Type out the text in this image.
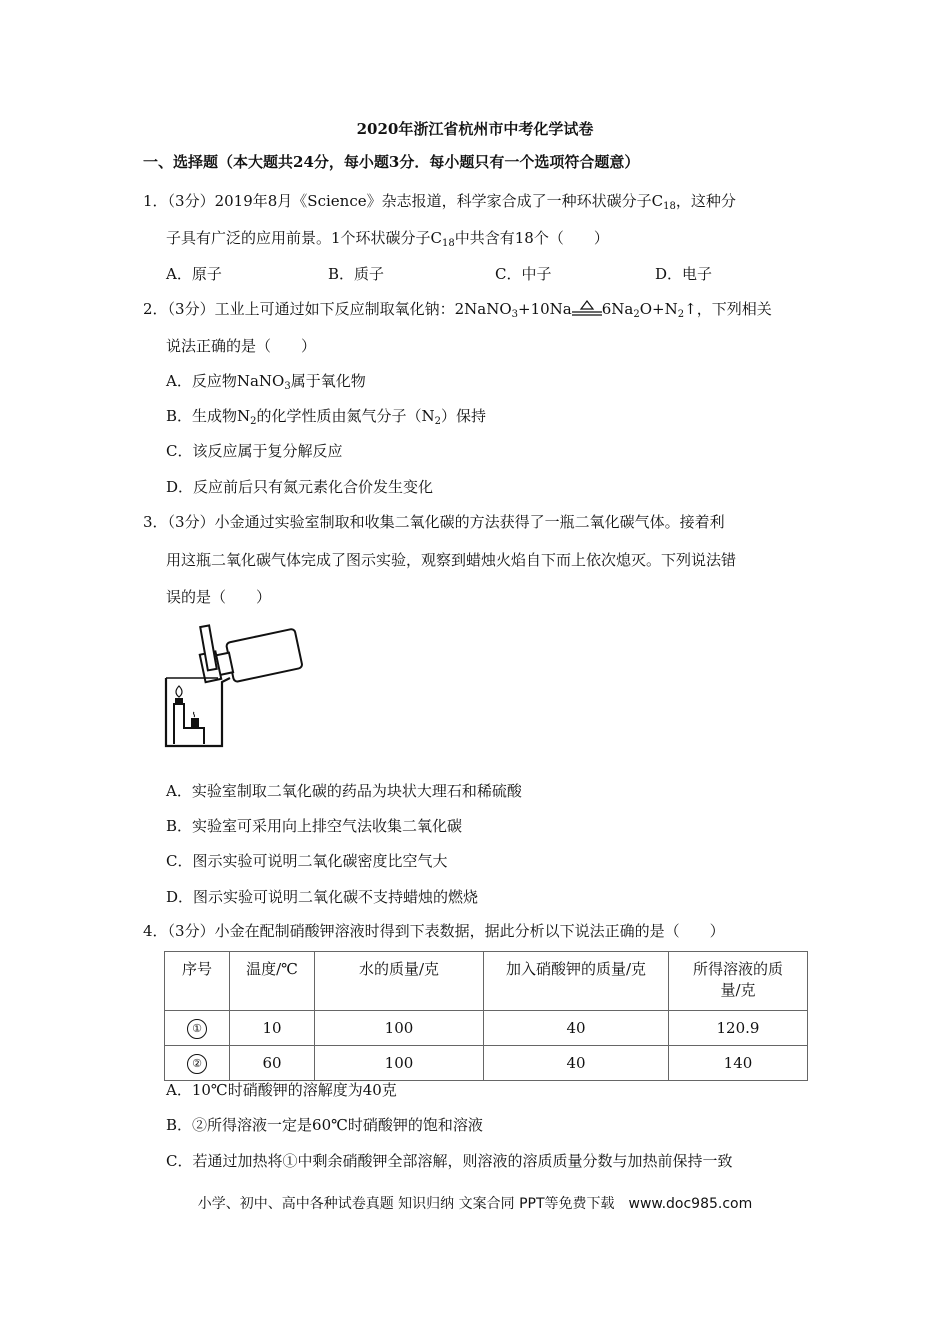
2020年浙江省杭州市中考化学试卷
一、选择题（本大题共24分，每小题3分．每小题只有一个选项符合题意）
1．（3分）2019年8月《Science》杂志报道，科学家合成了一种环状碳分子$C_{18}$，这种分
子具有广泛的应用前景。1个环状碳分子$C_{18}$中共含有18个（　　）
A．原子	B．质子	C．中子	D．电子
2．（3分）工业上可通过如下反应制取氧化钠：2NaNO$_3$+10Na $6Na_2O+N_2↑$，下列相关
说法正确的是（　　）
A．反应物NaNO$_3$属于氧化物
B．生成物$N_2$的化学性质由氮气分子$(N_2)$保持
C．该反应属于复分解反应
D．反应前后只有氮元素化合价发生变化
3．（3分）小金通过实验室制取和收集二氧化碳的方法获得了一瓶二氧化碳气体。接着利
用这瓶二氧化碳气体完成了图示实验，观察到蜡烛火焰自下而上依次熄灭。下列说法错
误的是（　　）
A．实验室制取二氧化碳的药品为块状大理石和稀硫酸
B．实验室可采用向上排空气法收集二氧化碳
C．图示实验可说明二氧化碳密度比空气大
D．图示实验可说明二氧化碳不支持蜡烛的燃烧
4．（3分）小金在配制硝酸钾溶液时得到下表数据，据此分析以下说法正确的是（　　）
序号	温度/℃	水的质量/克	加入硝酸钾的质量/克	所得溶液的质
量/克
①	10	100	40	120.9
②	60	100	40	140
A．10℃时硝酸钾的溶解度为40克
B．②所得溶液一定是60℃时硝酸钾的饱和溶液
C．若通过加热将①中剩余硝酸钾全部溶解，则溶液的溶质质量分数与加热前保持一致
小学、初中、高中各种试卷真题 知识归纳 文案合同 PPT等免费下载　www.doc985.com
